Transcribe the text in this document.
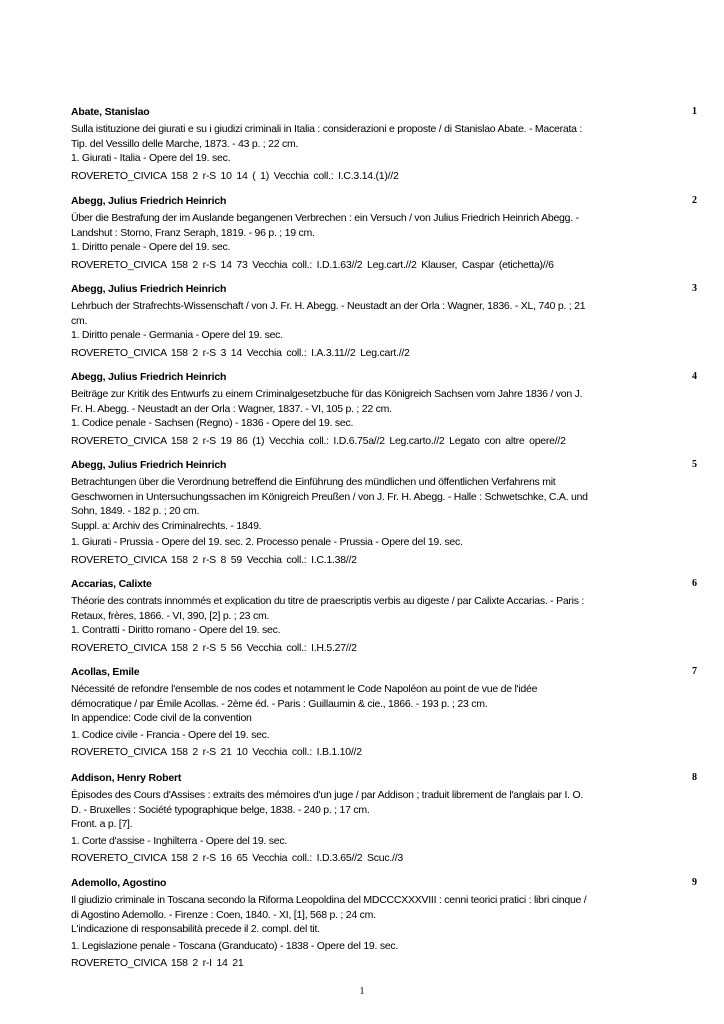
1
Abate, Stanislao
Sulla istituzione dei giurati e su i giudizi criminali in Italia : considerazioni e proposte / di Stanislao Abate. - Macerata : Tip. del Vessillo delle Marche, 1873. - 43 p. ; 22 cm.
1. Giurati - Italia - Opere del 19. sec.
ROVERETO_CIVICA 158 2 r-S 10 14 ( 1) Vecchia coll.: I.C.3.14.(1)//2
2
Abegg, Julius Friedrich Heinrich
Über die Bestrafung der im Auslande begangenen Verbrechen : ein Versuch / von Julius Friedrich Heinrich Abegg. - Landshut : Storno, Franz Seraph, 1819. - 96 p. ; 19 cm.
1. Diritto penale - Opere del 19. sec.
ROVERETO_CIVICA 158 2 r-S 14 73 Vecchia coll.: I.D.1.63//2 Leg.cart.//2 Klauser, Caspar (etichetta)//6
3
Abegg, Julius Friedrich Heinrich
Lehrbuch der Strafrechts-Wissenschaft / von J. Fr. H. Abegg. - Neustadt an der Orla : Wagner, 1836. - XL, 740 p. ; 21 cm.
1. Diritto penale - Germania - Opere del 19. sec.
ROVERETO_CIVICA 158 2 r-S 3 14 Vecchia coll.: I.A.3.11//2 Leg.cart.//2
4
Abegg, Julius Friedrich Heinrich
Beiträge zur Kritik des Entwurfs zu einem Criminalgesetzbuche für das Königreich Sachsen vom Jahre 1836 / von J. Fr. H. Abegg. - Neustadt an der Orla : Wagner, 1837. - VI, 105 p. ; 22 cm.
1. Codice penale - Sachsen (Regno) - 1836 - Opere del 19. sec.
ROVERETO_CIVICA 158 2 r-S 19 86 (1) Vecchia coll.: I.D.6.75a//2 Leg.carto.//2 Legato con altre opere//2
5
Abegg, Julius Friedrich Heinrich
Betrachtungen über die Verordnung betreffend die Einführung des mündlichen und öffentlichen Verfahrens mit Geschwornen in Untersuchungssachen im Königreich Preußen / von J. Fr. H. Abegg. - Halle : Schwetschke, C.A. und Sohn, 1849. - 182 p. ; 20 cm.
Suppl. a: Archiv des Criminalrechts. - 1849.
1. Giurati - Prussia - Opere del 19. sec. 2. Processo penale - Prussia - Opere del 19. sec.
ROVERETO_CIVICA 158 2 r-S 8 59 Vecchia coll.: I.C.1.38//2
6
Accarias, Calixte
Théorie des contrats innommés et explication du titre de praescriptis verbis au digeste / par Calixte Accarias. - Paris : Retaux, frères, 1866. - VI, 390, [2] p. ; 23 cm.
1. Contratti - Diritto romano - Opere del 19. sec.
ROVERETO_CIVICA 158 2 r-S 5 56 Vecchia coll.: I.H.5.27//2
7
Acollas, Emile
Nécessité de refondre l'ensemble de nos codes et notamment le Code Napoléon au point de vue de l'idée démocratique / par Émile Acollas. - 2ème éd. - Paris : Guillaumin & cie., 1866. - 193 p. ; 23 cm.
In appendice: Code civil de la convention
1. Codice civile - Francia - Opere del 19. sec.
ROVERETO_CIVICA 158 2 r-S 21 10 Vecchia coll.: I.B.1.10//2
8
Addison, Henry Robert
Épisodes des Cours d'Assises : extraits des mémoires d'un juge / par Addison ; traduit librement de l'anglais par I. O. D. - Bruxelles : Société typographique belge, 1838. - 240 p. ; 17 cm.
Front. a p. [7].
1. Corte d'assise - Inghilterra - Opere del 19. sec.
ROVERETO_CIVICA 158 2 r-S 16 65 Vecchia coll.: I.D.3.65//2 Scuc.//3
9
Ademollo, Agostino
Il giudizio criminale in Toscana secondo la Riforma Leopoldina del MDCCCXXXVIII : cenni teorici pratici : libri cinque / di Agostino Ademollo. - Firenze : Coen, 1840. - XI, [1], 568 p. ; 24 cm.
L'indicazione di responsabilità precede il 2. compl. del tit.
1. Legislazione penale - Toscana (Granducato) - 1838 - Opere del 19. sec.
ROVERETO_CIVICA 158 2 r-I 14 21
1
